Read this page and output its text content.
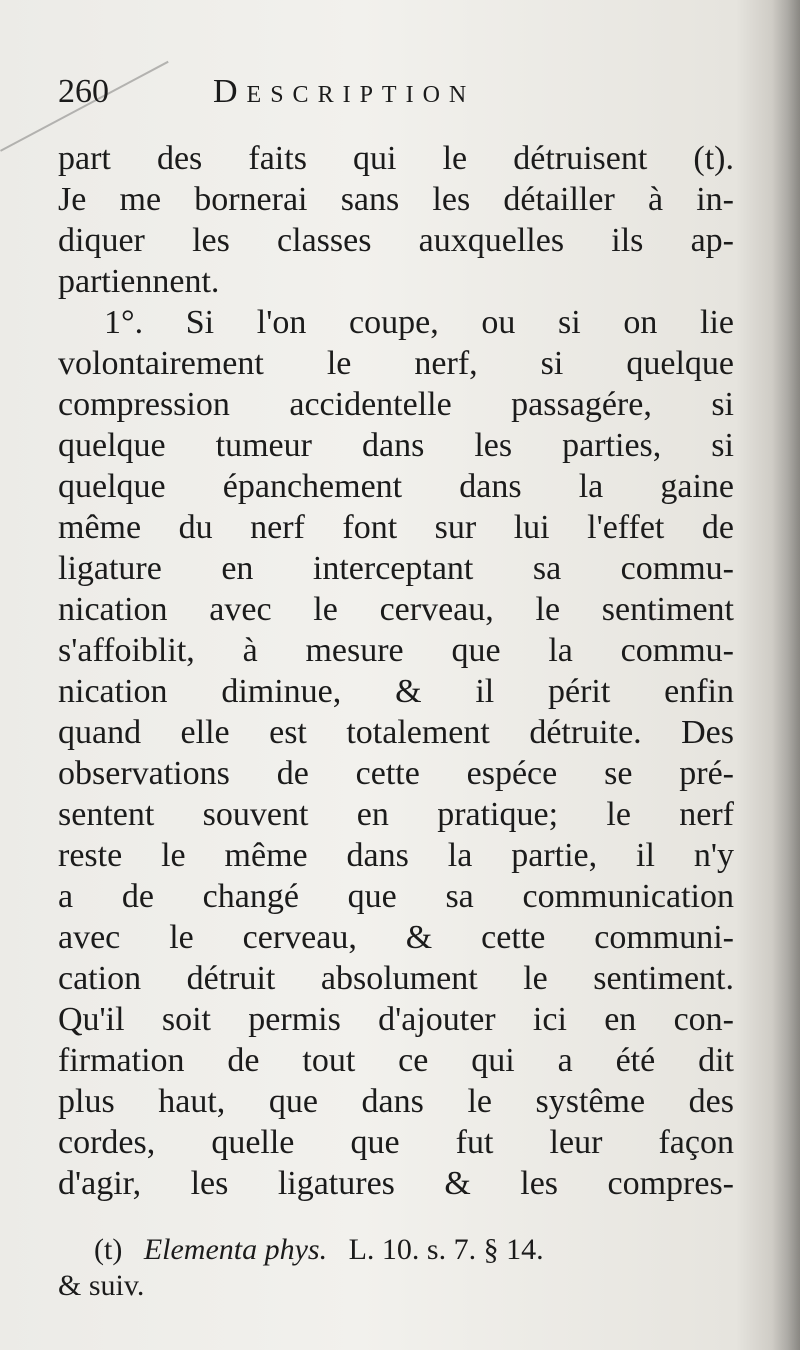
260	Description
part des faits qui le détruisent (t).
Je me bornerai sans les détailler à in-
diquer les classes auxquelles ils ap-
partiennent.
1°. Si l'on coupe, ou si on lie
volontairement le nerf, si quelque
compression accidentelle passagére, si
quelque tumeur dans les parties, si
quelque épanchement dans la gaine
même du nerf font sur lui l'effet de
ligature en interceptant sa commu-
nication avec le cerveau, le sentiment
s'affoiblit, à mesure que la commu-
nication diminue, & il périt enfin
quand elle est totalement détruite. Des
observations de cette espéce se pré-
sentent souvent en pratique; le nerf
reste le même dans la partie, il n'y
a de changé que sa communication
avec le cerveau, & cette communi-
cation détruit absolument le sentiment.
Qu'il soit permis d'ajouter ici en con-
firmation de tout ce qui a été dit
plus haut, que dans le systême des
cordes, quelle que fut leur façon
d'agir, les ligatures & les compres-
(t) Elementa phys. L. 10. s. 7. § 14.
& suiv.
